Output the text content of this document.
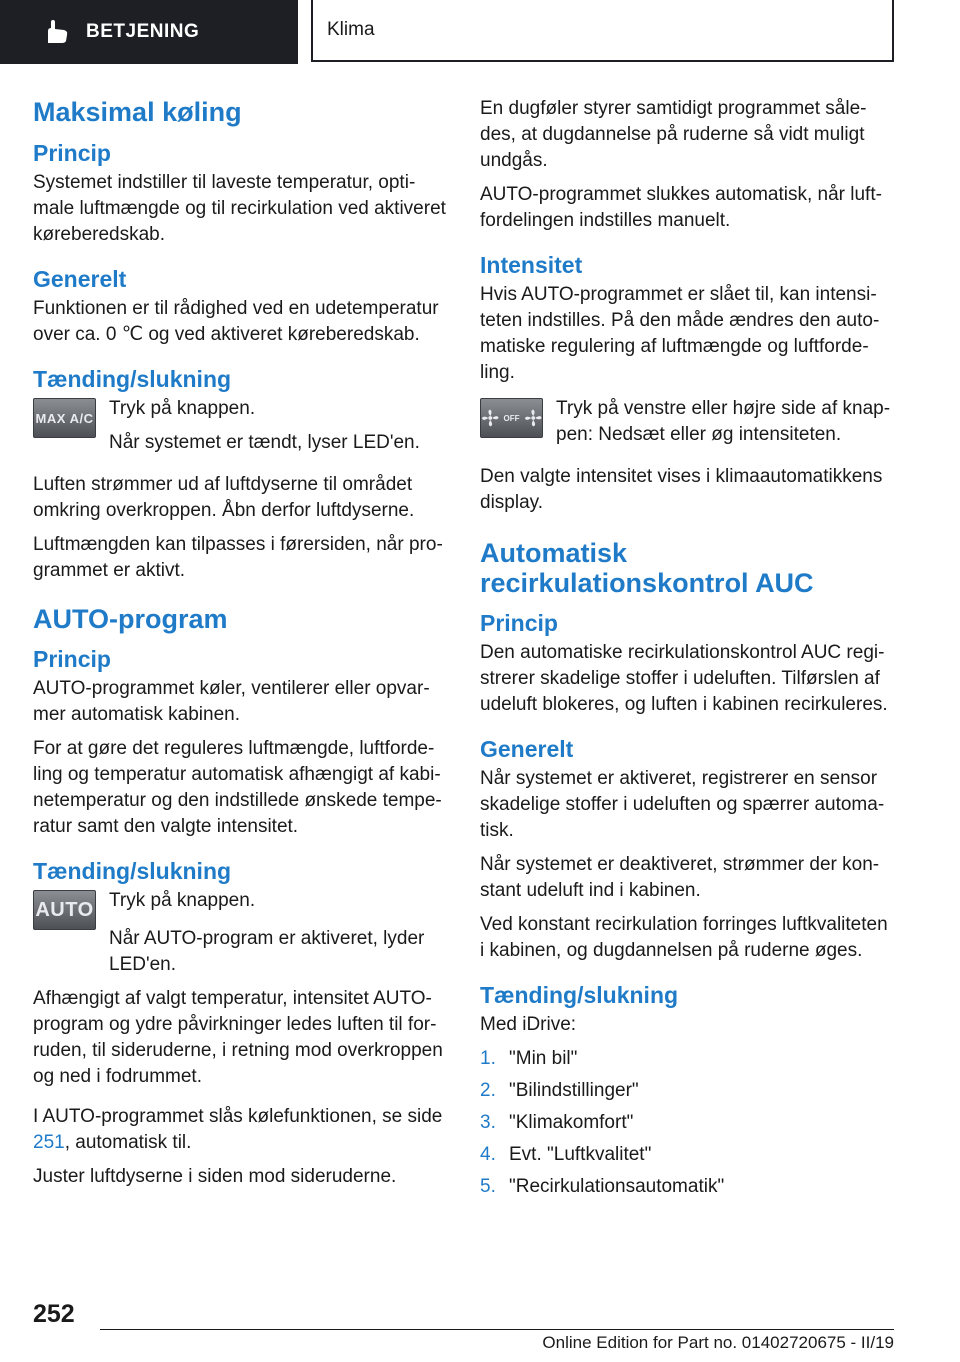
BETJENING	Klima
Maksimal køling
Princip

Systemet indstiller til laveste temperatur, optimale luftmængde og til recirkulation ved aktiveret køreberedskab.

Generelt

Funktionen er til rådighed ved en udetemperatur over ca. 0 ℃ og ved aktiveret køreberedskab.

Tænding/slukning
MAX A/C Tryk på knappen.

Når systemet er tændt, lyser LED'en.

Luften strømmer ud af luftdyserne til området omkring overkroppen. Åbn derfor luftdyserne.

Luftmængden kan tilpasses i førersiden, når programmet er aktivt.

AUTO-program
Princip

AUTO-programmet køler, ventilerer eller opvarmer automatisk kabinen.

For at gøre det reguleres luftmængde, luftfordeling og temperatur automatisk afhængigt af kabinetemperatur og den indstillede ønskede temperatur samt den valgte intensitet.

Tænding/slukning
AUTO Tryk på knappen.

Når AUTO-program er aktiveret, lyder LED'en.

Afhængigt af valgt temperatur, intensitet AUTO-program og ydre påvirkninger ledes luften til forruden, til sideruderne, i retning mod overkroppen og ned i fodrummet.

I AUTO-programmet slås kølefunktionen, se side 251, automatisk til.

Juster luftdyserne i siden mod sideruderne.

En dugføler styrer samtidigt programmet således, at dugdannelse på ruderne så vidt muligt undgås.

AUTO-programmet slukkes automatisk, når luftfordelingen indstilles manuelt.

Intensitet

Hvis AUTO-programmet er slået til, kan intensiteten indstilles. På den måde ændres den automatiske regulering af luftmængde og luftfordeling.

OFF Tryk på venstre eller højre side af knappen: Nedsæt eller øg intensiteten.

Den valgte intensitet vises i klimaautomatikkens display.

Automatisk recirkulationskontrol AUC
Princip

Den automatiske recirkulationskontrol AUC registrerer skadelige stoffer i udeluften. Tilførslen af udeluft blokeres, og luften i kabinen recirkuleres.

Generelt

Når systemet er aktiveret, registrerer en sensor skadelige stoffer i udeluften og spærrer automatisk.

Når systemet er deaktiveret, strømmer der konstant udeluft ind i kabinen.

Ved konstant recirkulation forringes luftkvaliteten i kabinen, og dugdannelsen på ruderne øges.

Tænding/slukning

Med iDrive:

1. "Min bil"
2. "Bilindstillinger"
3. "Klimakomfort"
4. Evt. "Luftkvalitet"
5. "Recirkulationsautomatik"
252
Online Edition for Part no. 01402720675 - II/19
